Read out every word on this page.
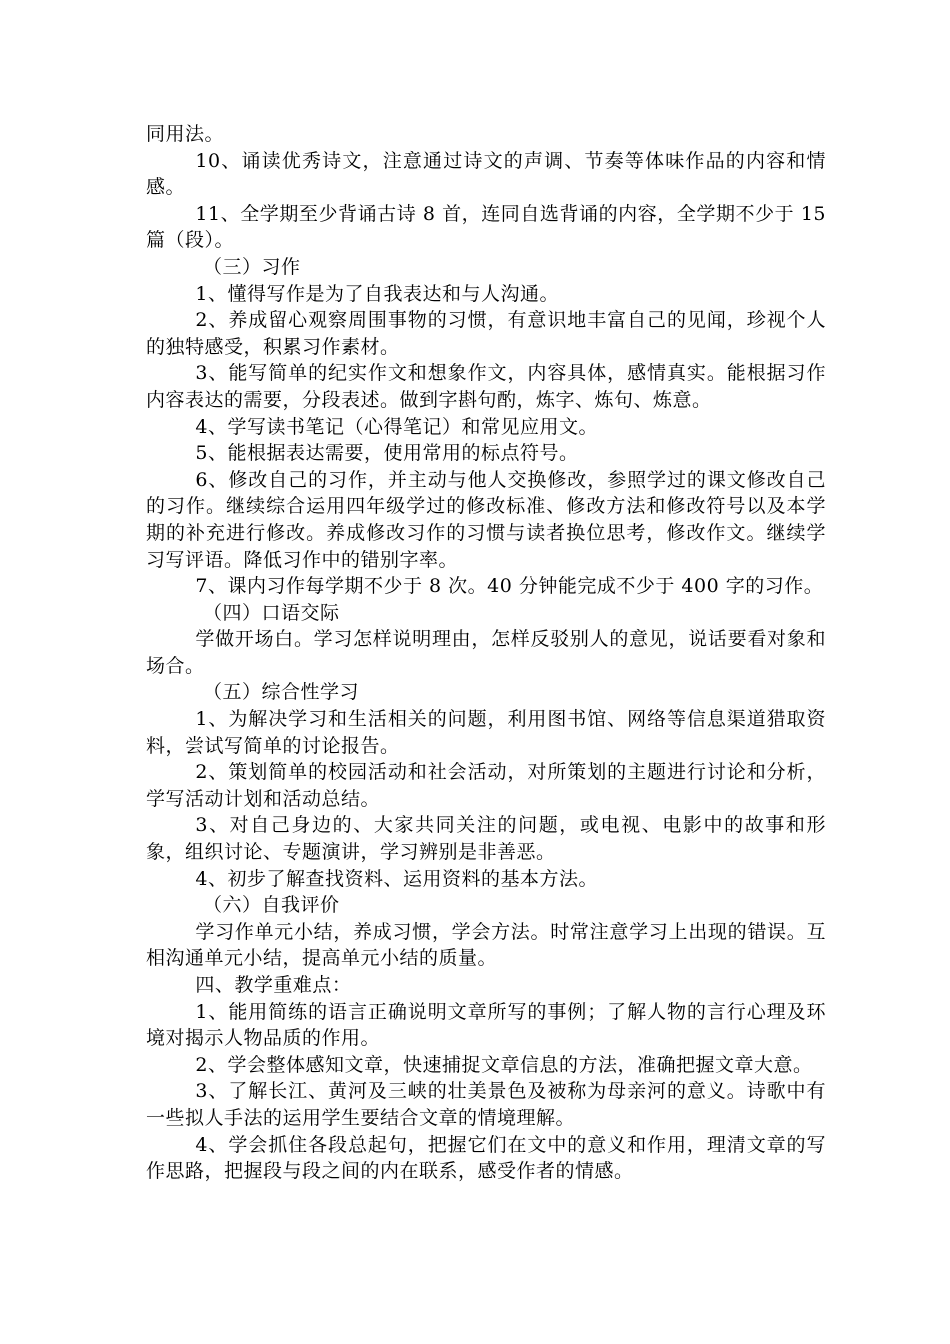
同用法。

10、诵读优秀诗文，注意通过诗文的声调、节奏等体味作品的内容和情感。

11、全学期至少背诵古诗 8 首，连同自选背诵的内容，全学期不少于 15 篇（段）。

（三）习作

1、懂得写作是为了自我表达和与人沟通。

2、养成留心观察周围事物的习惯，有意识地丰富自己的见闻，珍视个人的独特感受，积累习作素材。

3、能写简单的纪实作文和想象作文，内容具体，感情真实。能根据习作内容表达的需要，分段表述。做到字斟句酌，炼字、炼句、炼意。

4、学写读书笔记（心得笔记）和常见应用文。

5、能根据表达需要，使用常用的标点符号。

6、修改自己的习作，并主动与他人交换修改，参照学过的课文修改自己的习作。继续综合运用四年级学过的修改标准、修改方法和修改符号以及本学期的补充进行修改。养成修改习作的习惯与读者换位思考，修改作文。继续学习写评语。降低习作中的错别字率。

7、课内习作每学期不少于 8 次。40 分钟能完成不少于 400 字的习作。

（四）口语交际

学做开场白。学习怎样说明理由，怎样反驳别人的意见，说话要看对象和场合。

（五）综合性学习

1、为解决学习和生活相关的问题，利用图书馆、网络等信息渠道猎取资料，尝试写简单的讨论报告。

2、策划简单的校园活动和社会活动，对所策划的主题进行讨论和分析，学写活动计划和活动总结。

3、对自己身边的、大家共同关注的问题，或电视、电影中的故事和形象，组织讨论、专题演讲，学习辨别是非善恶。

4、初步了解查找资料、运用资料的基本方法。

（六）自我评价

学习作单元小结，养成习惯，学会方法。时常注意学习上出现的错误。互相沟通单元小结，提高单元小结的质量。

四、教学重难点：

1、能用简练的语言正确说明文章所写的事例；了解人物的言行心理及环境对揭示人物品质的作用。

2、学会整体感知文章，快速捕捉文章信息的方法，准确把握文章大意。

3、了解长江、黄河及三峡的壮美景色及被称为母亲河的意义。诗歌中有一些拟人手法的运用学生要结合文章的情境理解。

4、学会抓住各段总起句，把握它们在文中的意义和作用，理清文章的写作思路，把握段与段之间的内在联系，感受作者的情感。
